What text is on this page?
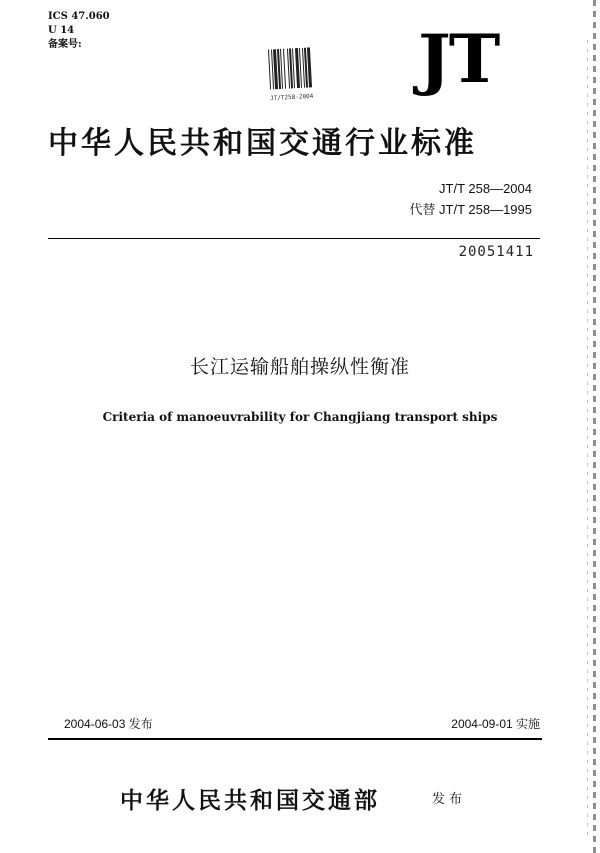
ICS 47.060
U 14
备案号:
JT/T258-2004 JT
中华人民共和国交通行业标准
JT/T 258—2004
代替 JT/T 258—1995
20051411
长江运输船舶操纵性衡准
Criteria of manoeuvrability for Changjiang transport ships
2004-06-03 发布	2004-09-01 实施
中华人民共和国交通部	发布
